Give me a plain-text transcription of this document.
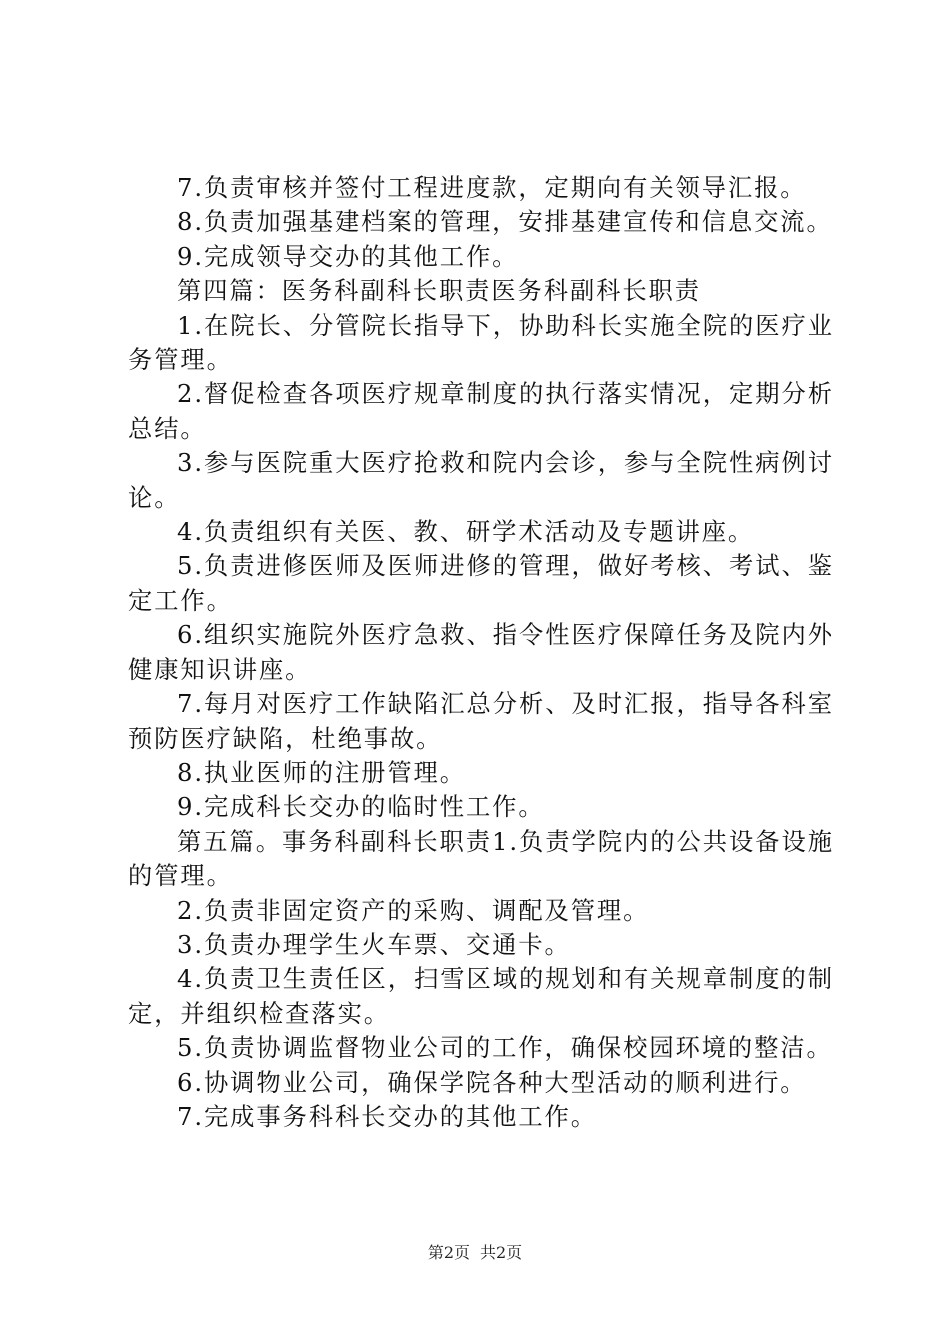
7.负责审核并签付工程进度款，定期向有关领导汇报。

8.负责加强基建档案的管理，安排基建宣传和信息交流。

9.完成领导交办的其他工作。

第四篇：医务科副科长职责医务科副科长职责

1.在院长、分管院长指导下，协助科长实施全院的医疗业务管理。

2.督促检查各项医疗规章制度的执行落实情况，定期分析总结。

3.参与医院重大医疗抢救和院内会诊，参与全院性病例讨论。

4.负责组织有关医、教、研学术活动及专题讲座。

5.负责进修医师及医师进修的管理，做好考核、考试、鉴定工作。

6.组织实施院外医疗急救、指令性医疗保障任务及院内外健康知识讲座。

7.每月对医疗工作缺陷汇总分析、及时汇报，指导各科室预防医疗缺陷，杜绝事故。

8.执业医师的注册管理。

9.完成科长交办的临时性工作。

第五篇。事务科副科长职责1.负责学院内的公共设备设施的管理。

2.负责非固定资产的采购、调配及管理。

3.负责办理学生火车票、交通卡。

4.负责卫生责任区，扫雪区域的规划和有关规章制度的制定，并组织检查落实。

5.负责协调监督物业公司的工作，确保校园环境的整洁。

6.协调物业公司，确保学院各种大型活动的顺利进行。

7.完成事务科科长交办的其他工作。

第2页 共2页
